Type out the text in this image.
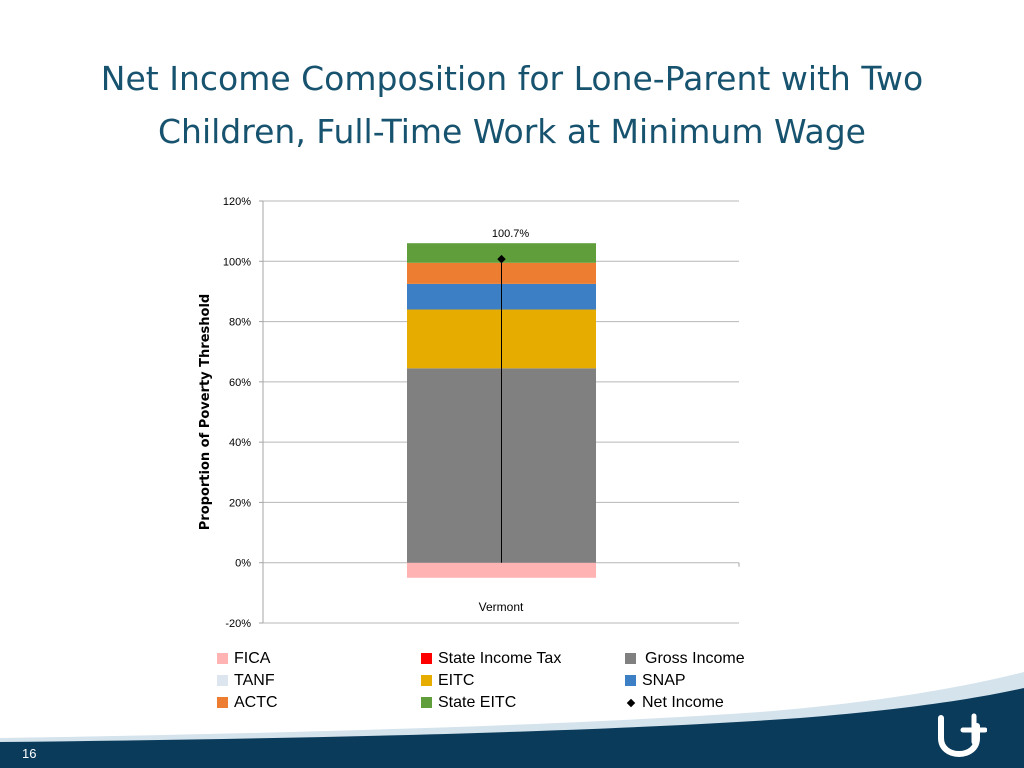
Net Income Composition for Lone-Parent with Two
Children, Full-Time Work at Minimum Wage
-20%
0%
20%
40%
60%
80%
100%
120%
100.7%
Vermont
Proportion of Poverty Threshold
FICA	State Income Tax	Gross Income
TANF	EITC	SNAP
ACTC	State EITC	Net Income
16
